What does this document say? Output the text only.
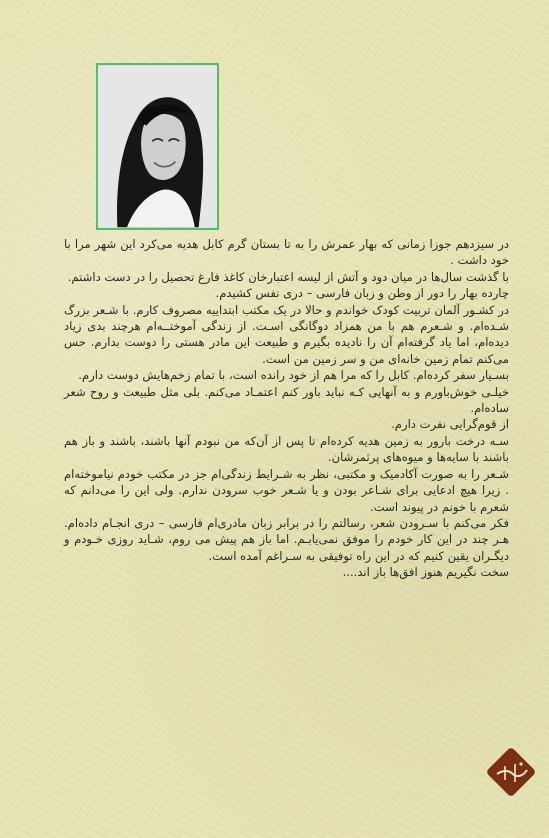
در سیزدهم جوزا زمانی که بهار عمرش را به تا بستان گرم کابل هدیه می‌کرد این شهر مرا با خود داشت .

با گذشت سال‌ها در میان دود و آتش از لیسه اعتبارخان کاغذ فارغ تحصیل را در دست داشتم.

چارده بهار را دور از وطن و زبان فارسی – دری نفس کشیدم.

در کشـور آلمان تربیت کودک خواندم و حالا در یک مکتب ابتداییه مصروف کارم. با شـعر بزرگ شـده‌ام. و شـعرم هم با من همزاد دوگانگی اسـت. از زندگی آموختــه‌ام هرچند بدی زیاد دیده‌ام، اما یاد گرفته‌ام آن را نادیده بگیرم و طبیعت این مادر هستی را دوست بدارم. حس می‌کنم تمام زمین خانه‌ای من و سر زمین من است.

بسـیار سفر کرده‌ام. کابل را که مرا هم از خود رانده است، با تمام زخم‌هایش دوست دارم.

خیلـی خوش‌باورم و به آنهایی کـه نباید باور کنم اعتمـاد می‌کنم. بلی مثل طبیعت و روح شعر ساده‌ام.

از قوم‌گرایی نفرت دارم.

سـه درخت بارور به زمین هدیه کرده‌ام تا پس از آن‌که من نبودم آنها باشند، باشند و باز هم باشند با سایه‌ها و میوه‌های پرثمرشان.

شـعر را به صورت آکادمیک و مکتبی، نظر به شـرایط زندگی‌ام جز در مکتب خودم نیاموخته‌ام . زیرا هیچ ادعایی برای شـاعر بودن و یا شـعر خوب سرودن ندارم. ولی این را می‌دانم که شعرم با خونم در پیوند است.

فکر می‌کنم با سـرودن شعر، رسالتم را در برابر زبان مادری‌ام فارسی – دری انجـام داده‌ام. هـر چند در این کار خودم را موفق نمی‌یابـم. اما باز هم پیش می روم، شـاید روزی خـودم و دیگـران یقین کنیم که در این راه توفیقی به سـراغم آمده است.

سخت نگیریم هنوز افق‌ها باز اند....
